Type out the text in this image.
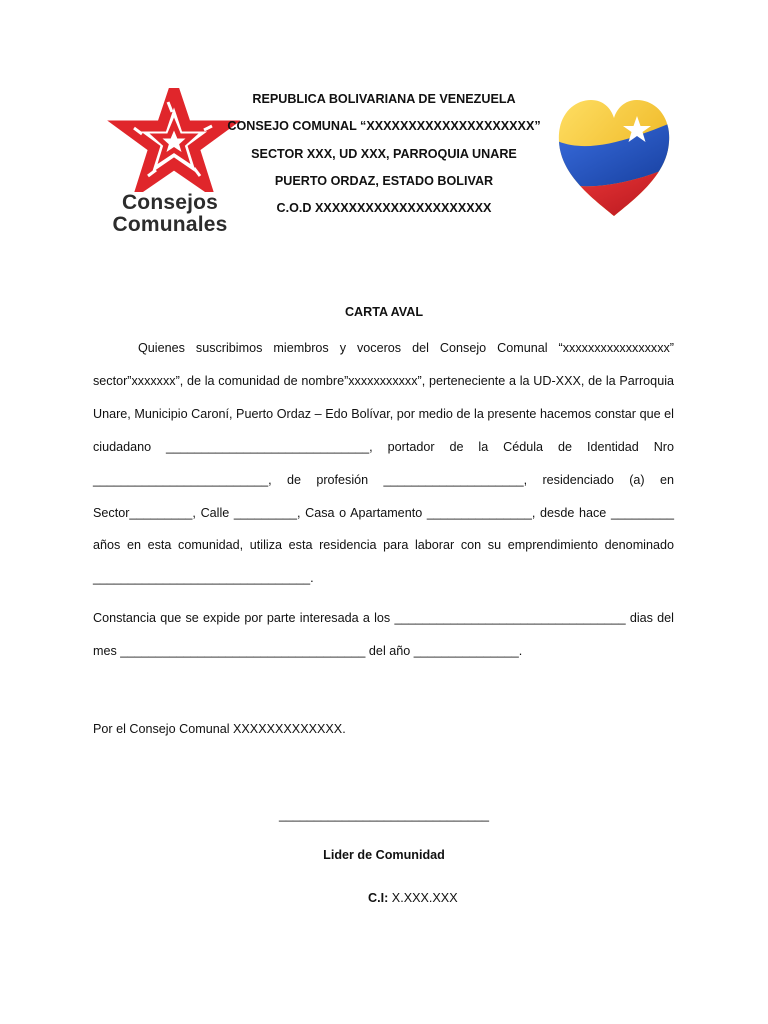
Consejos
Comunales
REPUBLICA BOLIVARIANA DE VENEZUELA
CONSEJO COMUNAL “XXXXXXXXXXXXXXXXXXXX”
SECTOR XXX, UD XXX, PARROQUIA UNARE
PUERTO ORDAZ, ESTADO BOLIVAR
C.O.D XXXXXXXXXXXXXXXXXXXXX
CARTA AVAL

Quienes suscribimos miembros y voceros del Consejo Comunal “xxxxxxxxxxxxxxxxx” sector”xxxxxxx”, de la comunidad de nombre”xxxxxxxxxxx”, perteneciente a la UD-XXX, de la Parroquia Unare, Municipio Caroní, Puerto Ordaz – Edo Bolívar, por medio de la presente hacemos constar que el ciudadano _____________________________, portador de la Cédula de Identidad Nro _________________________, de profesión ____________________, residenciado (a) en Sector_________, Calle _________, Casa o Apartamento _______________, desde hace _________ años en esta comunidad, utiliza esta residencia para laborar con su emprendimiento denominado _______________________________.

Constancia que se expide por parte interesada a los _________________________________ dias del mes ___________________________________ del año _______________.

Por el Consejo Comunal XXXXXXXXXXXXX.
______________________________
Lider de Comunidad
C.I: X.XXX.XXX
